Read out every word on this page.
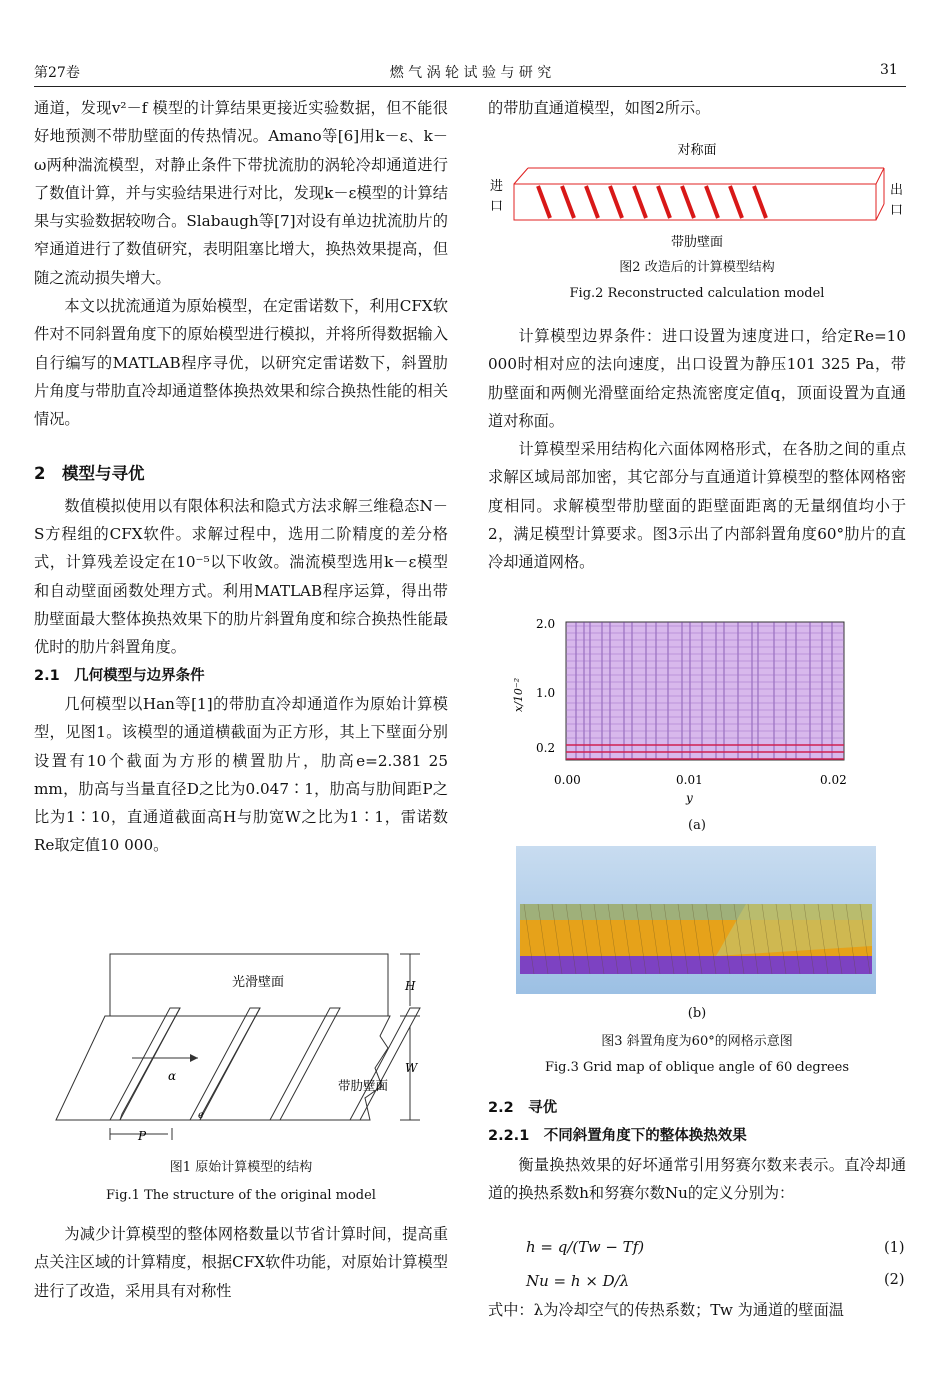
第27卷	燃 气 涡 轮 试 验 与 研 究	31

通道，发现v²－f 模型的计算结果更接近实验数据，但不能很好地预测不带肋壁面的传热情况。Amano等[6]用k－ε、k－ω两种湍流模型，对静止条件下带扰流肋的涡轮冷却通道进行了数值计算，并与实验结果进行对比，发现k－ε模型的计算结果与实验数据较吻合。Slabaugh等[7]对设有单边扰流肋片的窄通道进行了数值研究，表明阻塞比增大，换热效果提高，但随之流动损失增大。

本文以扰流通道为原始模型，在定雷诺数下，利用CFX软件对不同斜置角度下的原始模型进行模拟，并将所得数据输入自行编写的MATLAB程序寻优，以研究定雷诺数下，斜置肋片角度与带肋直冷却通道整体换热效果和综合换热性能的相关情况。

2　模型与寻优

数值模拟使用以有限体积法和隐式方法求解三维稳态N－S方程组的CFX软件。求解过程中，选用二阶精度的差分格式，计算残差设定在10⁻⁵以下收敛。湍流模型选用k－ε模型和自动壁面函数处理方式。利用MATLAB程序运算，得出带肋壁面最大整体换热效果下的肋片斜置角度和综合换热性能最优时的肋片斜置角度。

2.1　几何模型与边界条件

几何模型以Han等[1]的带肋直冷却通道作为原始计算模型，见图1。该模型的通道横截面为正方形，其上下壁面分别设置有10个截面为方形的横置肋片，肋高e=2.381 25 mm，肋高与当量直径D之比为0.047∶1，肋高与肋间距P之比为1∶10，直通道截面高H与肋宽W之比为1∶1，雷诺数Re取定值10 000。

光滑壁面
α
带肋壁面
H
W
P
e
图1 原始计算模型的结构
Fig.1 The structure of the original model

为减少计算模型的整体网格数量以节省计算时间，提高重点关注区域的计算精度，根据CFX软件功能，对原始计算模型进行了改造，采用具有对称性

的带肋直通道模型，如图2所示。

对称面
进
口
出
口
带肋壁面
图2 改造后的计算模型结构
Fig.2 Reconstructed calculation model

计算模型边界条件：进口设置为速度进口，给定Re=10 000时相对应的法向速度，出口设置为静压101 325 Pa，带肋壁面和两侧光滑壁面给定热流密度定值q，顶面设置为直通道对称面。

计算模型采用结构化六面体网格形式，在各肋之间的重点求解区域局部加密，其它部分与直通道计算模型的整体网格密度相同。求解模型带肋壁面的距壁面距离的无量纲值均小于2，满足模型计算要求。图3示出了内部斜置角度60°肋片的直冷却通道网格。

x/10⁻²
2.0
1.0
0.2
0.00	0.01	0.02
y
(a)
(b)
图3 斜置角度为60°的网格示意图
Fig.3 Grid map of oblique angle of 60 degrees

2.2　寻优

2.2.1　不同斜置角度下的整体换热效果

衡量换热效果的好坏通常引用努赛尔数来表示。直冷却通道的换热系数h和努赛尔数Nu的定义分别为：

h = q/(Tw − Tf)	(1)
Nu = h × D/λ	(2)

式中：λ为冷却空气的传热系数；Tw 为通道的壁面温
